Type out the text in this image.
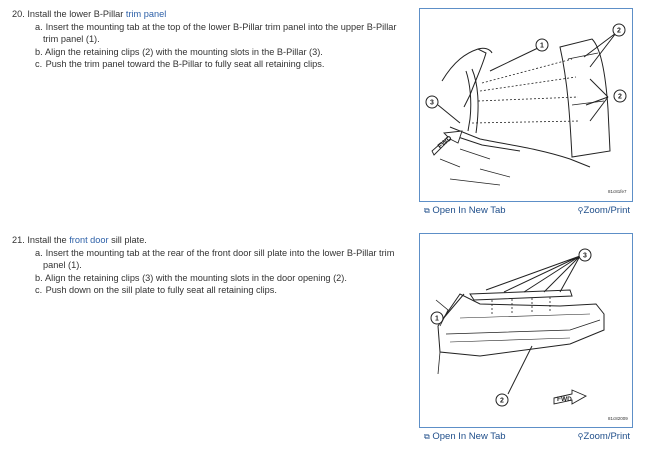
20. Install the lower B-Pillar trim panel
a. Insert the mounting tab at the top of the lower B-Pillar trim panel into the upper B-Pillar trim panel (1).
b. Align the retaining clips (2) with the mounting slots in the B-Pillar (3).
c. Push the trim panel toward the B-Pillar to fully seat all retaining clips.
FWD
1
2
2
3
81c81fe7
⧉ Open In New Tab	⚲Zoom/Print
21. Install the front door sill plate.
a. Insert the mounting tab at the rear of the front door sill plate into the lower B-Pillar trim panel (1).
b. Align the retaining clips (3) with the mounting slots in the door opening (2).
c. Push down on the sill plate to fully seat all retaining clips.
FWD
3
1
2
81c82009
⧉ Open In New Tab	⚲Zoom/Print
